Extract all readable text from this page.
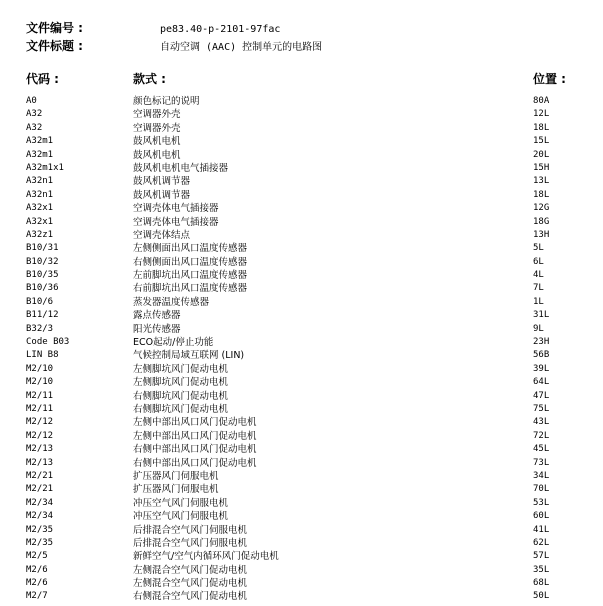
文件编号 :	pe83.40-p-2101-97fac
文件标题 :	自动空调 (AAC) 控制单元的电路图
代码 :	款式 :	位置 :
A0	颜色标记的说明	80A
A32	空调器外壳	12L
A32	空调器外壳	18L
A32m1	鼓风机电机	15L
A32m1	鼓风机电机	20L
A32m1x1	鼓风机电机电气插接器	15H
A32n1	鼓风机调节器	13L
A32n1	鼓风机调节器	18L
A32x1	空调壳体电气插接器	12G
A32x1	空调壳体电气插接器	18G
A32z1	空调壳体结点	13H
B10/31	左侧侧面出风口温度传感器	5L
B10/32	右侧侧面出风口温度传感器	6L
B10/35	左前脚坑出风口温度传感器	4L
B10/36	右前脚坑出风口温度传感器	7L
B10/6	蒸发器温度传感器	1L
B11/12	露点传感器	31L
B32/3	阳光传感器	9L
Code B03	ECO起动/停止功能	23H
LIN B8	气候控制局域互联网 (LIN)	56B
M2/10	左侧脚坑风门促动电机	39L
M2/10	左侧脚坑风门促动电机	64L
M2/11	右侧脚坑风门促动电机	47L
M2/11	右侧脚坑风门促动电机	75L
M2/12	左侧中部出风口风门促动电机	43L
M2/12	左侧中部出风口风门促动电机	72L
M2/13	右侧中部出风口风门促动电机	45L
M2/13	右侧中部出风口风门促动电机	73L
M2/21	扩压器风门伺服电机	34L
M2/21	扩压器风门伺服电机	70L
M2/34	冲压空气风门伺服电机	53L
M2/34	冲压空气风门伺服电机	60L
M2/35	后排混合空气风门伺服电机	41L
M2/35	后排混合空气风门伺服电机	62L
M2/5	新鲜空气/空气内循环风门促动电机	57L
M2/6	左侧混合空气风门促动电机	35L
M2/6	左侧混合空气风门促动电机	68L
M2/7	右侧混合空气风门促动电机	50L
